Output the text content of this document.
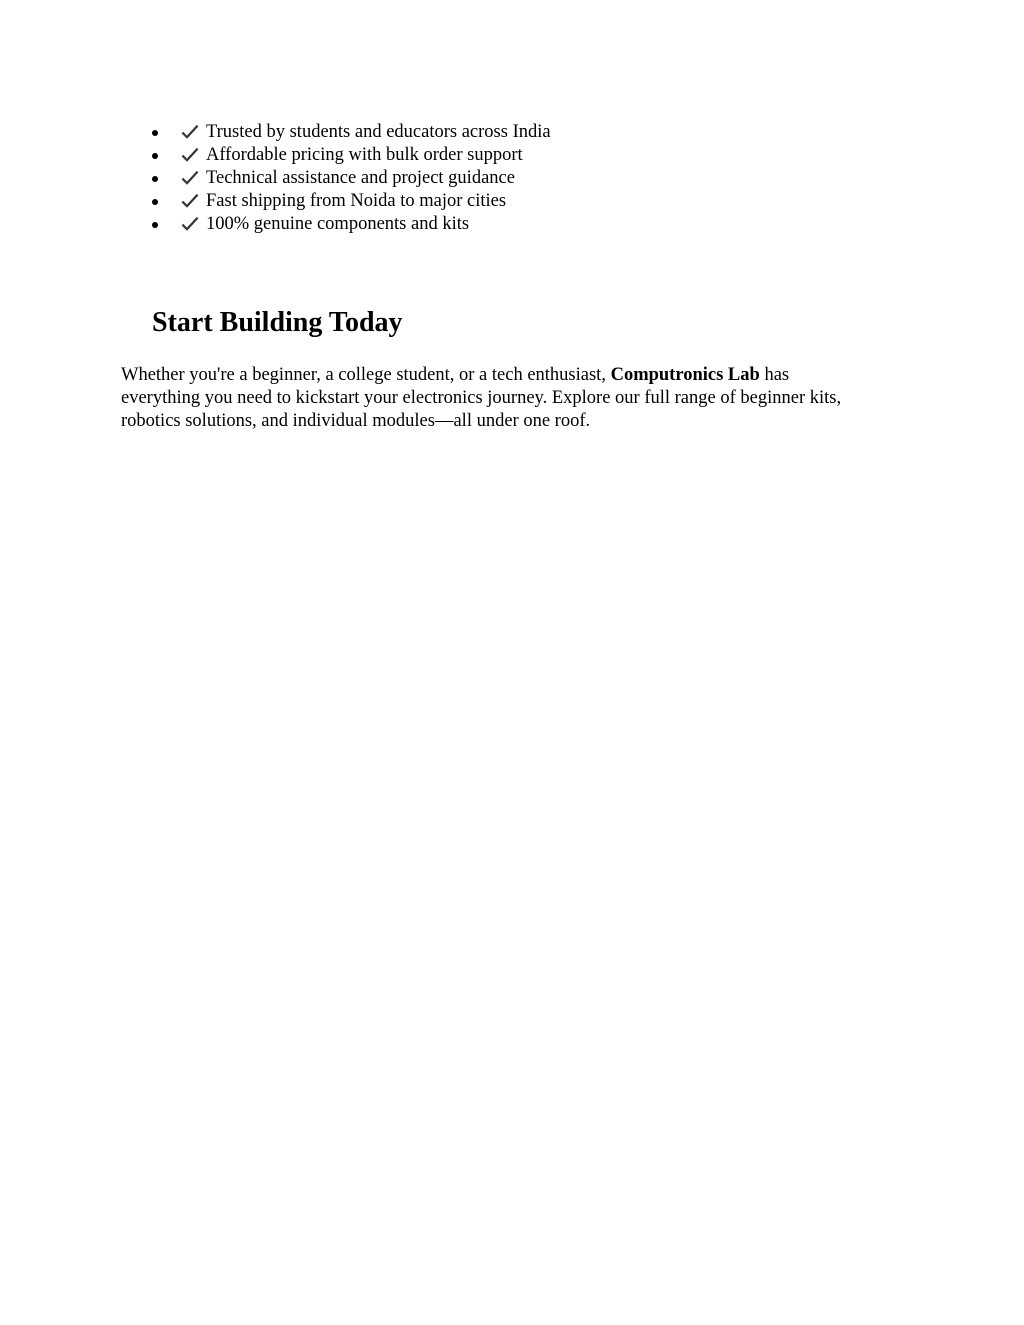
Trusted by students and educators across India
Affordable pricing with bulk order support
Technical assistance and project guidance
Fast shipping from Noida to major cities
100% genuine components and kits
Start Building Today

Whether you're a beginner, a college student, or a tech enthusiast, Computronics Lab has
everything you need to kickstart your electronics journey. Explore our full range of beginner kits,
robotics solutions, and individual modules—all under one roof.
